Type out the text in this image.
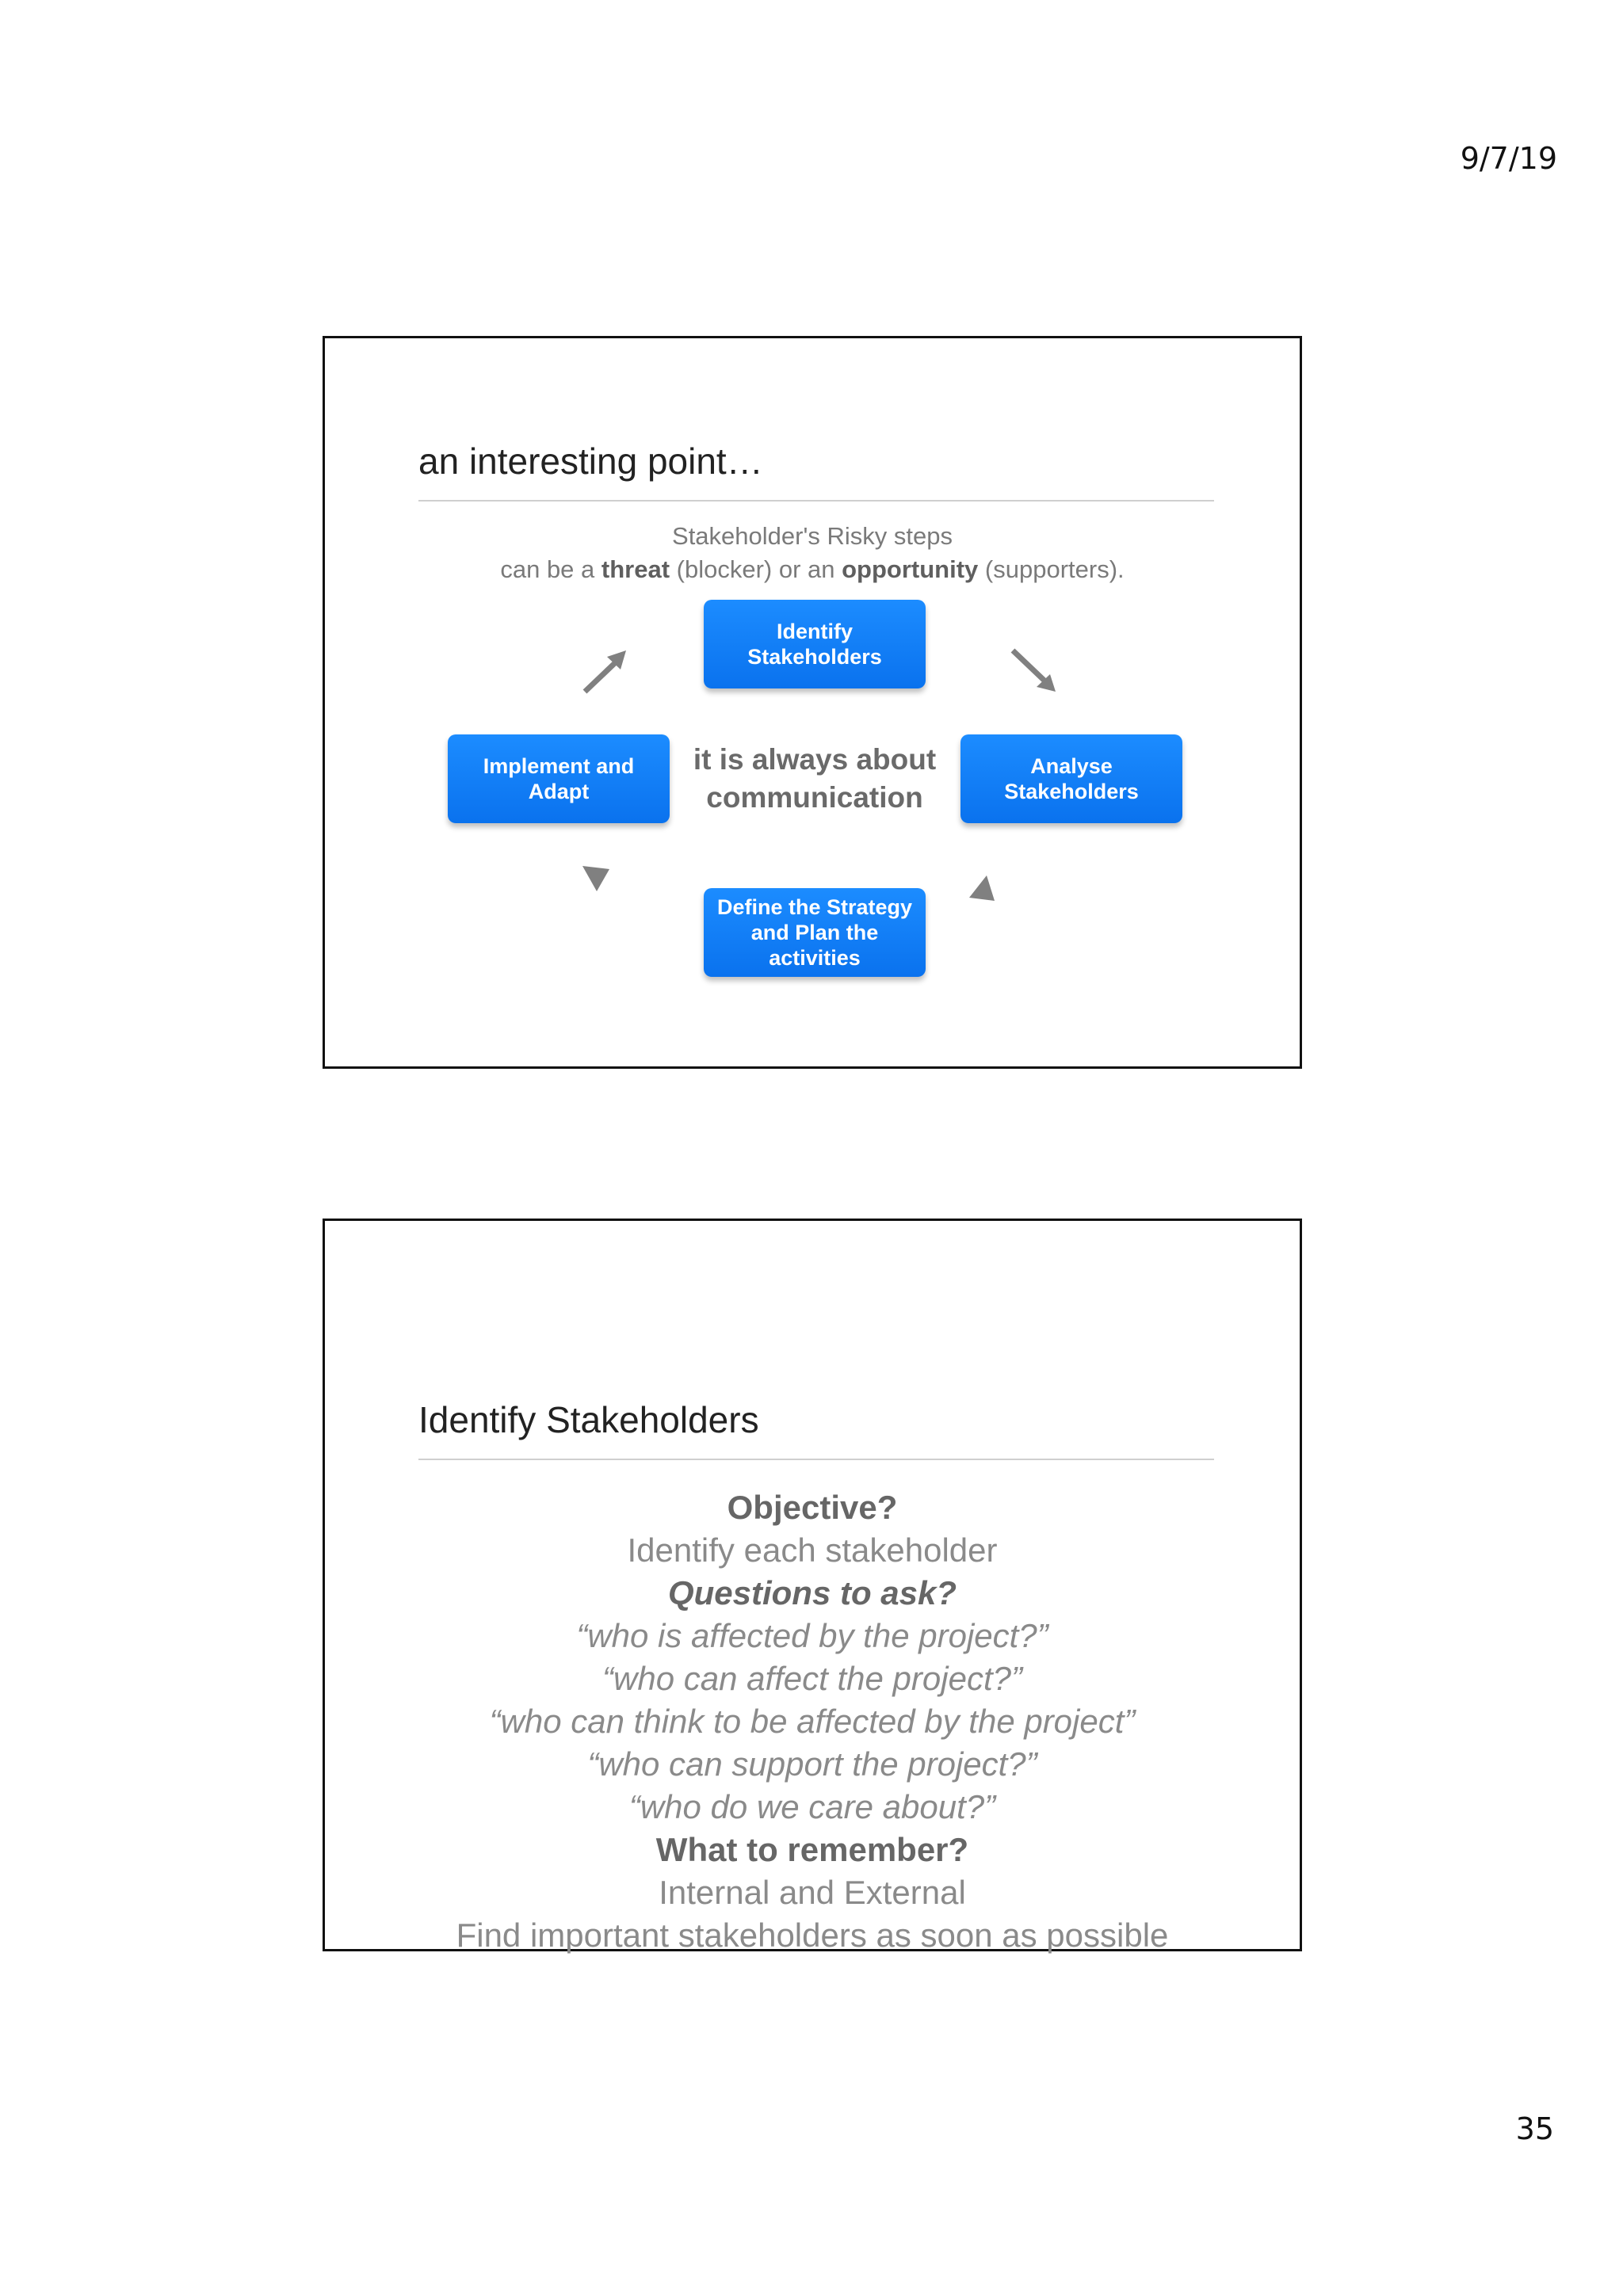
9/7/19
an interesting point…
Stakeholder's Risky steps
can be a threat (blocker) or an opportunity (supporters).
Identify
Stakeholders
Analyse
Stakeholders
Define the Strategy
and Plan the
activities
Implement and
Adapt
it is always about
communication
Identify Stakeholders
Objective?
Identify each stakeholder
Questions to ask?
“who is affected by the project?”
“who can affect the project?”
“who can think to be affected by the project”
“who can support the project?”
“who do we care about?”
What to remember?
Internal and External
Find important stakeholders as soon as possible
35
